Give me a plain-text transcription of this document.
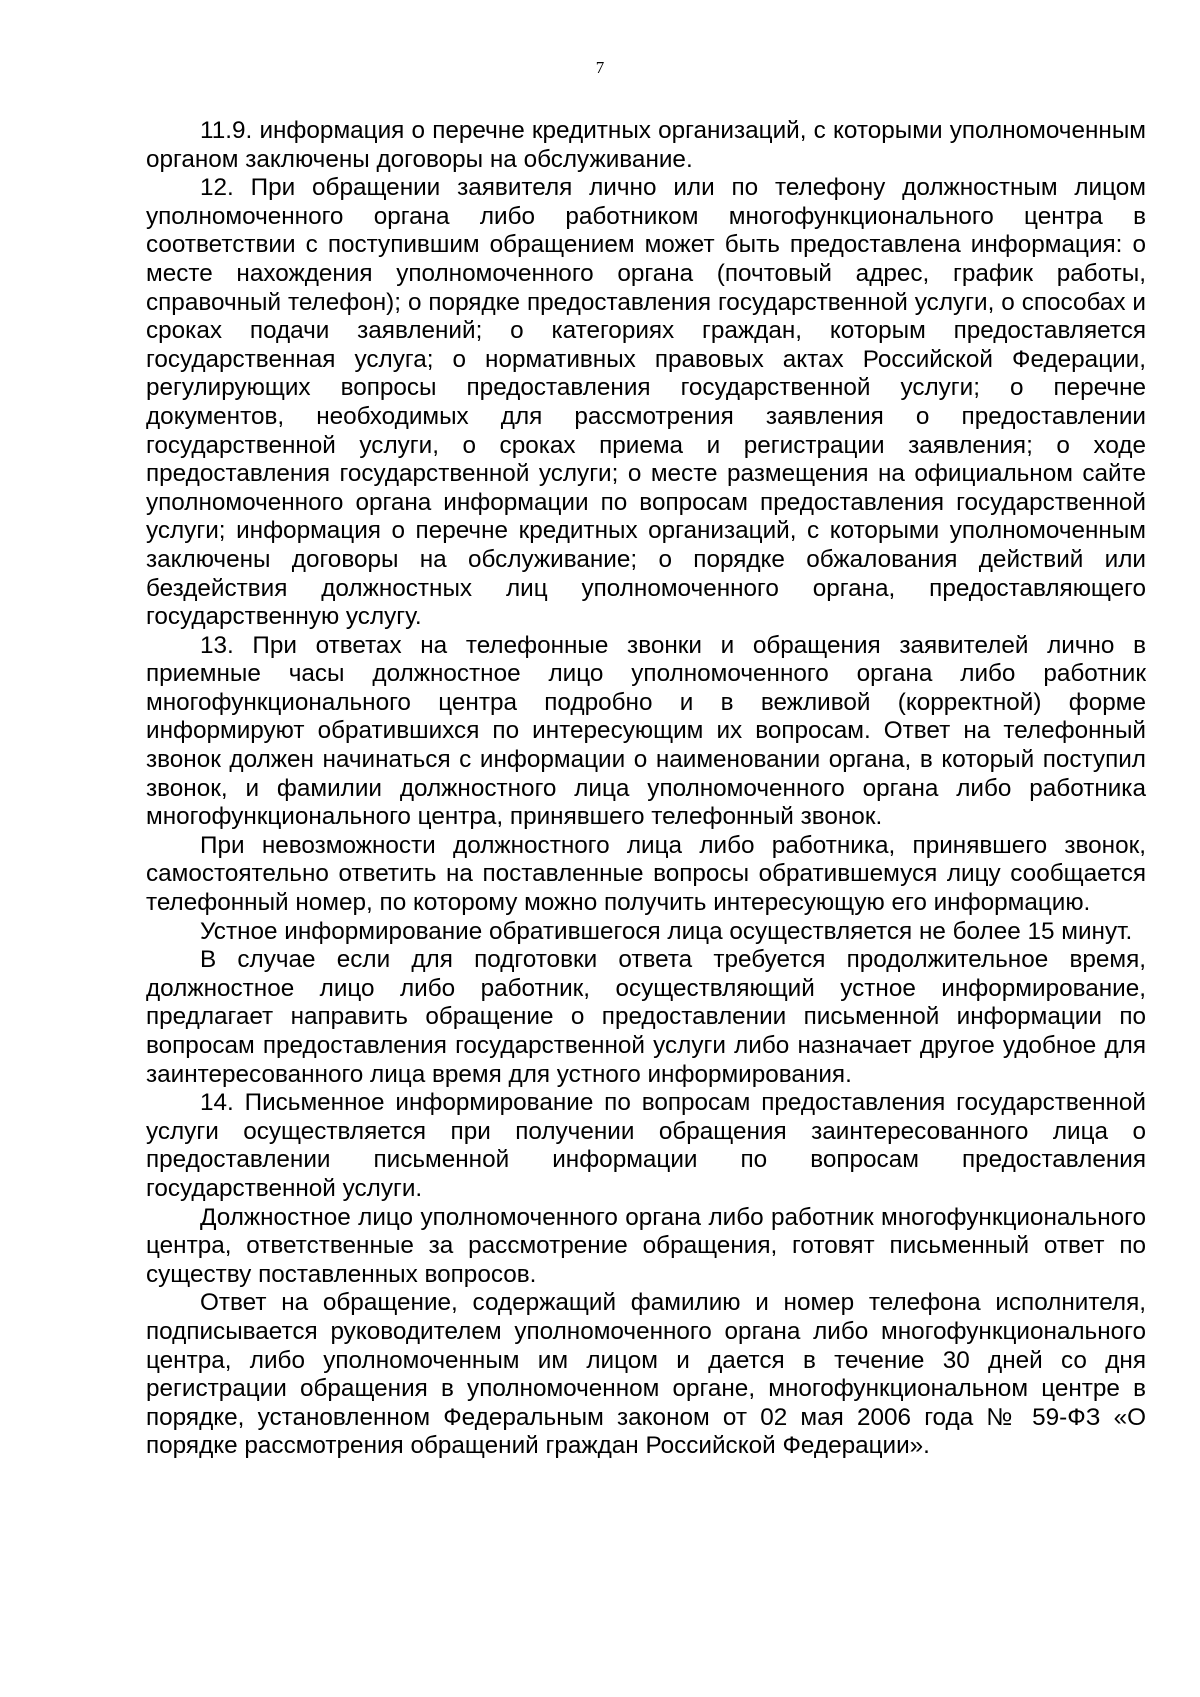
7

11.9. информация о перечне кредитных организаций, с которыми уполномоченным органом заключены договоры на обслуживание.

12. При обращении заявителя лично или по телефону должностным лицом уполномоченного органа либо работником многофункционального центра в соответствии с поступившим обращением может быть предоставлена информация: о месте нахождения уполномоченного органа (почтовый адрес, график работы, справочный телефон); о порядке предоставления государственной услуги, о способах и сроках подачи заявлений; о категориях граждан, которым предоставляется государственная услуга; о нормативных правовых актах Российской Федерации, регулирующих вопросы предоставления государственной услуги; о перечне документов, необходимых для рассмотрения заявления о предоставлении государственной услуги, о сроках приема и регистрации заявления; о ходе предоставления государственной услуги; о месте размещения на официальном сайте уполномоченного органа информации по вопросам предоставления государственной услуги; информация о перечне кредитных организаций, с которыми уполномоченным заключены договоры на обслуживание; о порядке обжалования действий или бездействия должностных лиц уполномоченного органа, предоставляющего государственную услугу.

13. При ответах на телефонные звонки и обращения заявителей лично в приемные часы должностное лицо уполномоченного органа либо работник многофункционального центра подробно и в вежливой (корректной) форме информируют обратившихся по интересующим их вопросам. Ответ на телефонный звонок должен начинаться с информации о наименовании органа, в который поступил звонок, и фамилии должностного лица уполномоченного органа либо работника многофункционального центра, принявшего телефонный звонок.

При невозможности должностного лица либо работника, принявшего звонок, самостоятельно ответить на поставленные вопросы обратившемуся лицу сообщается телефонный номер, по которому можно получить интересующую его информацию.

Устное информирование обратившегося лица осуществляется не более 15 минут.

В случае если для подготовки ответа требуется продолжительное время, должностное лицо либо работник, осуществляющий устное информирование, предлагает направить обращение о предоставлении письменной информации по вопросам предоставления государственной услуги либо назначает другое удобное для заинтересованного лица время для устного информирования.

14. Письменное информирование по вопросам предоставления государственной услуги осуществляется при получении обращения заинтересованного лица о предоставлении письменной информации по вопросам предоставления государственной услуги.

Должностное лицо уполномоченного органа либо работник многофункционального центра, ответственные за рассмотрение обращения, готовят письменный ответ по существу поставленных вопросов.

Ответ на обращение, содержащий фамилию и номер телефона исполнителя, подписывается руководителем уполномоченного органа либо многофункционального центра, либо уполномоченным им лицом и дается в течение 30 дней со дня регистрации обращения в уполномоченном органе, многофункциональном центре в порядке, установленном Федеральным законом от 02 мая 2006 года № 59-ФЗ «О порядке рассмотрения обращений граждан Российской Федерации».
